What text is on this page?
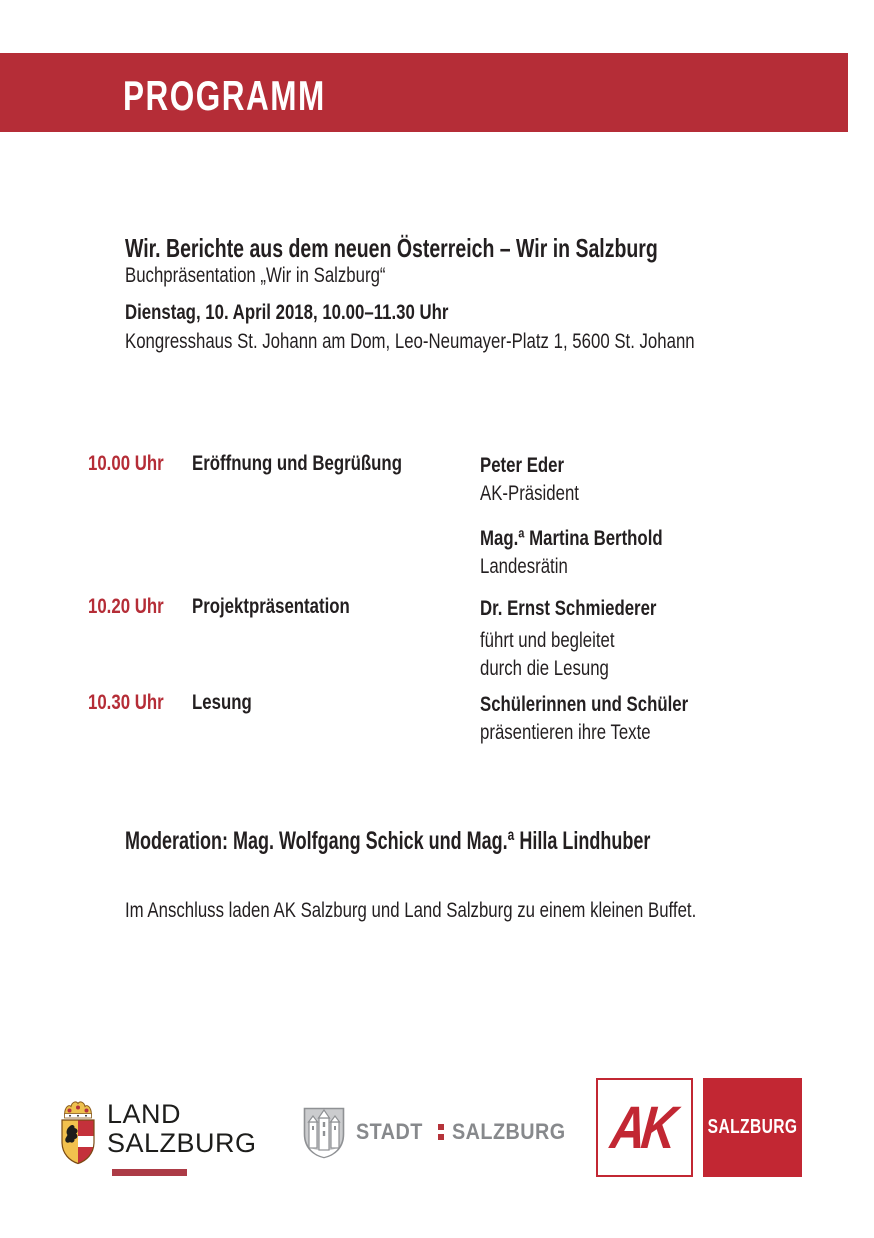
PROGRAMM
Wir. Berichte aus dem neuen Österreich – Wir in Salzburg
Buchpräsentation „Wir in Salzburg“
Dienstag, 10. April 2018, 10.00–11.30 Uhr
Kongresshaus St. Johann am Dom, Leo-Neumayer-Platz 1, 5600 St. Johann
10.00 Uhr	Eröffnung und Begrüßung	Peter Eder
AK-Präsident
Mag.ª Martina Berthold
Landesrätin
10.20 Uhr	Projektpräsentation	Dr. Ernst Schmiederer
führt und begleitet
durch die Lesung
10.30 Uhr	Lesung	Schülerinnen und Schüler
präsentieren ihre Texte
Moderation: Mag. Wolfgang Schick und Mag.ª Hilla Lindhuber
Im Anschluss laden AK Salzburg und Land Salzburg zu einem kleinen Buffet.
LAND
SALZBURG	STADT SALZBURG AK SALZBURG
